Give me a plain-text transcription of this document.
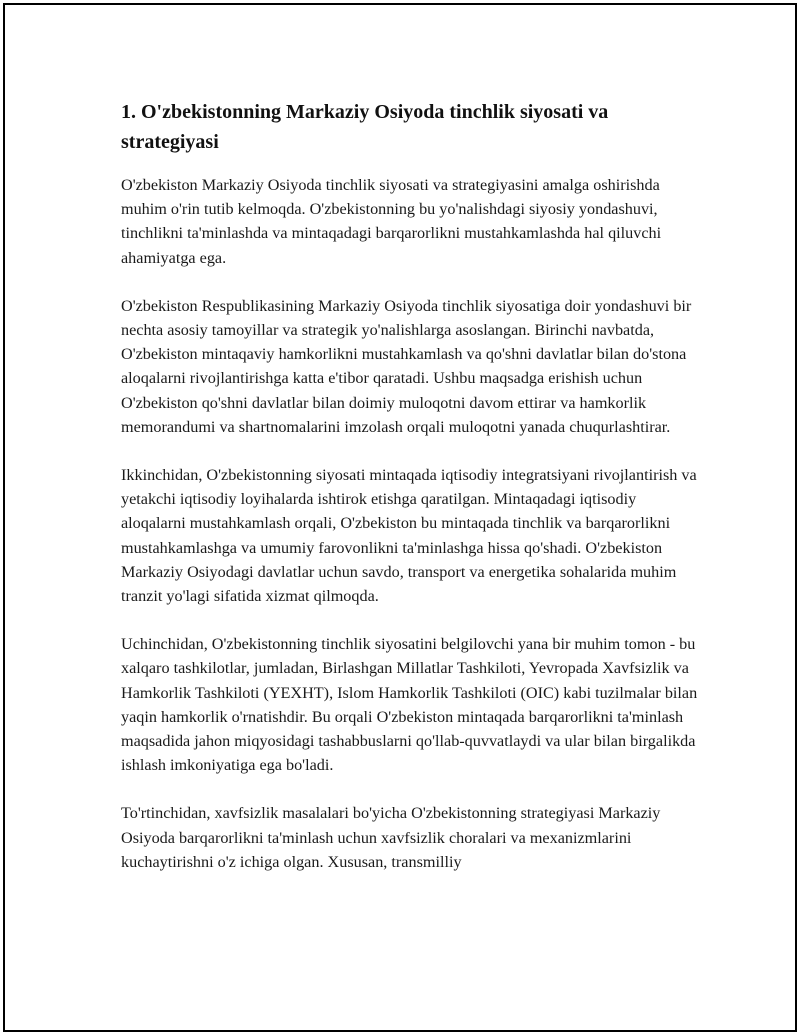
1. O'zbekistonning Markaziy Osiyoda tinchlik siyosati va strategiyasi

O'zbekiston Markaziy Osiyoda tinchlik siyosati va strategiyasini amalga oshirishda muhim o'rin tutib kelmoqda. O'zbekistonning bu yo'nalishdagi siyosiy yondashuvi, tinchlikni ta'minlashda va mintaqadagi barqarorlikni mustahkamlashda hal qiluvchi ahamiyatga ega.

O'zbekiston Respublikasining Markaziy Osiyoda tinchlik siyosatiga doir yondashuvi bir nechta asosiy tamoyillar va strategik yo'nalishlarga asoslangan. Birinchi navbatda, O'zbekiston mintaqaviy hamkorlikni mustahkamlash va qo'shni davlatlar bilan do'stona aloqalarni rivojlantirishga katta e'tibor qaratadi. Ushbu maqsadga erishish uchun O'zbekiston qo'shni davlatlar bilan doimiy muloqotni davom ettirar va hamkorlik memorandumi va shartnomalarini imzolash orqali muloqotni yanada chuqurlashtirar.

Ikkinchidan, O'zbekistonning siyosati mintaqada iqtisodiy integratsiyani rivojlantirish va yetakchi iqtisodiy loyihalarda ishtirok etishga qaratilgan. Mintaqadagi iqtisodiy aloqalarni mustahkamlash orqali, O'zbekiston bu mintaqada tinchlik va barqarorlikni mustahkamlashga va umumiy farovonlikni ta'minlashga hissa qo'shadi. O'zbekiston Markaziy Osiyodagi davlatlar uchun savdo, transport va energetika sohalarida muhim tranzit yo'lagi sifatida xizmat qilmoqda.

Uchinchidan, O'zbekistonning tinchlik siyosatini belgilovchi yana bir muhim tomon - bu xalqaro tashkilotlar, jumladan, Birlashgan Millatlar Tashkiloti, Yevropada Xavfsizlik va Hamkorlik Tashkiloti (YEXHT), Islom Hamkorlik Tashkiloti (OIC) kabi tuzilmalar bilan yaqin hamkorlik o'rnatishdir. Bu orqali O'zbekiston mintaqada barqarorlikni ta'minlash maqsadida jahon miqyosidagi tashabbuslarni qo'llab-quvvatlaydi va ular bilan birgalikda ishlash imkoniyatiga ega bo'ladi.

To'rtinchidan, xavfsizlik masalalari bo'yicha O'zbekistonning strategiyasi Markaziy Osiyoda barqarorlikni ta'minlash uchun xavfsizlik choralari va mexanizmlarini kuchaytirishni o'z ichiga olgan. Xususan, transmilliy
